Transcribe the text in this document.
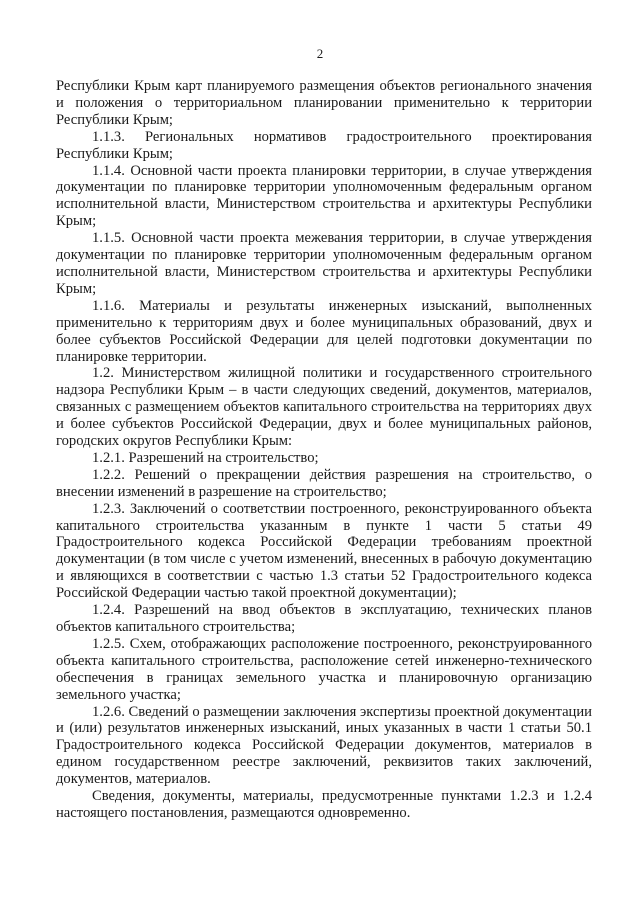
2

Республики Крым карт планируемого размещения объектов регионального значения и положения о территориальном планировании применительно к территории Республики Крым;

1.1.3. Региональных нормативов градостроительного проектирования Республики Крым;

1.1.4. Основной части проекта планировки территории, в случае утверждения документации по планировке территории уполномоченным федеральным органом исполнительной власти, Министерством строительства и архитектуры Республики Крым;

1.1.5. Основной части проекта межевания территории, в случае утверждения документации по планировке территории уполномоченным федеральным органом исполнительной власти, Министерством строительства и архитектуры Республики Крым;

1.1.6. Материалы и результаты инженерных изысканий, выполненных применительно к территориям двух и более муниципальных образований, двух и более субъектов Российской Федерации для целей подготовки документации по планировке территории.

1.2. Министерством жилищной политики и государственного строительного надзора Республики Крым – в части следующих сведений, документов, материалов, связанных с размещением объектов капитального строительства на территориях двух и более субъектов Российской Федерации, двух и более муниципальных районов, городских округов Республики Крым:

1.2.1. Разрешений на строительство;

1.2.2. Решений о прекращении действия разрешения на строительство, о внесении изменений в разрешение на строительство;

1.2.3. Заключений о соответствии построенного, реконструированного объекта капитального строительства указанным в пункте 1 части 5 статьи 49 Градостроительного кодекса Российской Федерации требованиям проектной документации (в том числе с учетом изменений, внесенных в рабочую документацию и являющихся в соответствии с частью 1.3 статьи 52 Градостроительного кодекса Российской Федерации частью такой проектной документации);

1.2.4. Разрешений на ввод объектов в эксплуатацию, технических планов объектов капитального строительства;

1.2.5. Схем, отображающих расположение построенного, реконструированного объекта капитального строительства, расположение сетей инженерно-технического обеспечения в границах земельного участка и планировочную организацию земельного участка;

1.2.6. Сведений о размещении заключения экспертизы проектной документации и (или) результатов инженерных изысканий, иных указанных в части 1 статьи 50.1 Градостроительного кодекса Российской Федерации документов, материалов в едином государственном реестре заключений, реквизитов таких заключений, документов, материалов.

Сведения, документы, материалы, предусмотренные пунктами 1.2.3 и 1.2.4 настоящего постановления, размещаются одновременно.
